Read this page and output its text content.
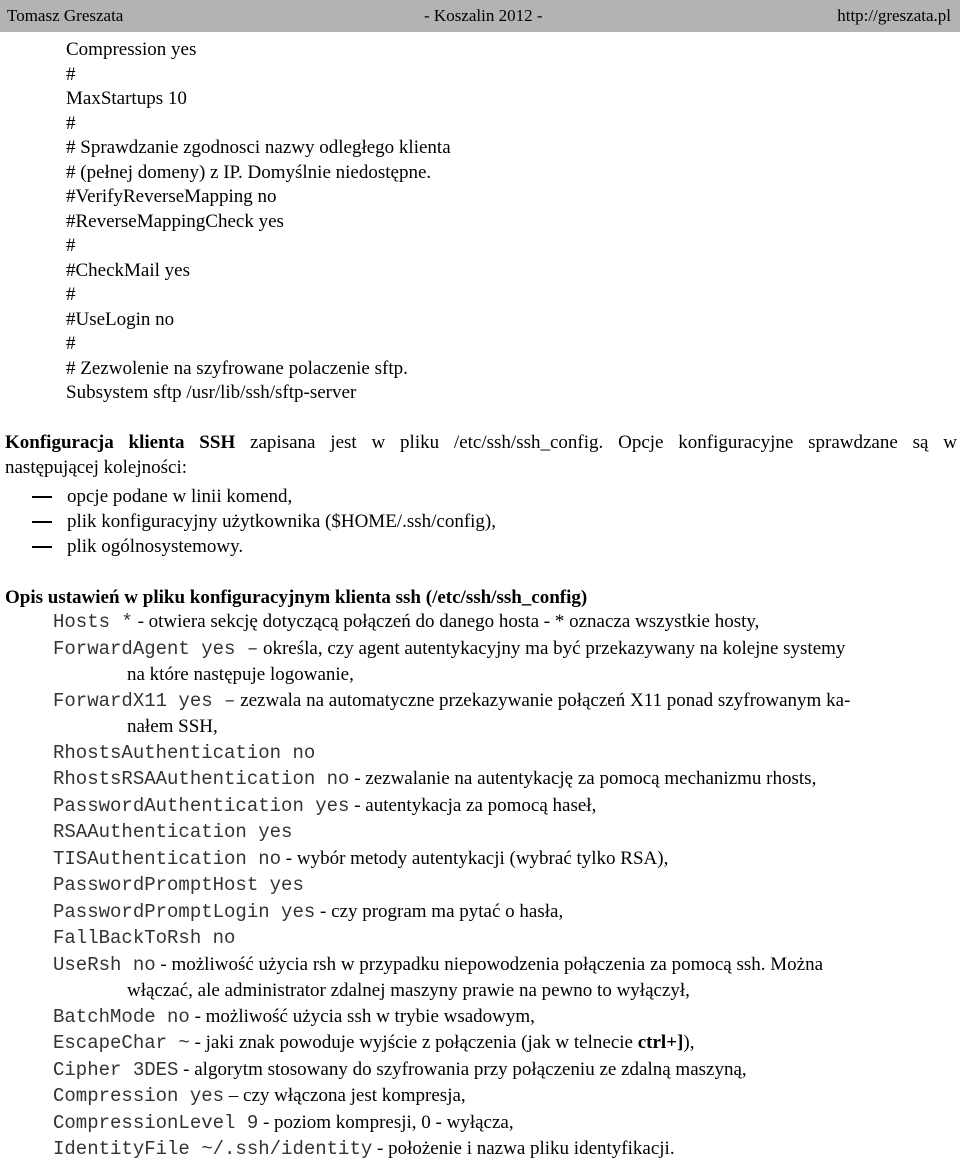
Tomasz Greszata	- Koszalin 2012 -	http://greszata.pl
Compression yes
#
MaxStartups 10
#
# Sprawdzanie zgodnosci nazwy odległego klienta
# (pełnej domeny) z IP. Domyślnie niedostępne.
#VerifyReverseMapping no
#ReverseMappingCheck yes
#
#CheckMail yes
#
#UseLogin no
#
# Zezwolenie na szyfrowane polaczenie sftp.
Subsystem sftp /usr/lib/ssh/sftp-server
Konfiguracja klienta SSH zapisana jest w pliku /etc/ssh/ssh_config. Opcje konfiguracyjne sprawdzane są w
następującej kolejności:
opcje podane w linii komend,
plik konfiguracyjny użytkownika ($HOME/.ssh/config),
plik ogólnosystemowy.
Opis ustawień w pliku konfiguracyjnym klienta ssh (/etc/ssh/ssh_config)
Hosts * - otwiera sekcję dotyczącą połączeń do danego hosta - * oznacza wszystkie hosty,
ForwardAgent yes – określa, czy agent autentykacyjny ma być przekazywany na kolejne systemy
na które następuje logowanie,
ForwardX11 yes – zezwala na automatyczne przekazywanie połączeń X11 ponad szyfrowanym ka-
nałem SSH,
RhostsAuthentication no
RhostsRSAAuthentication no - zezwalanie na autentykację za pomocą mechanizmu rhosts,
PasswordAuthentication yes - autentykacja za pomocą haseł,
RSAAuthentication yes
TISAuthentication no - wybór metody autentykacji (wybrać tylko RSA),
PasswordPromptHost yes
PasswordPromptLogin yes - czy program ma pytać o hasła,
FallBackToRsh no
UseRsh no - możliwość użycia rsh w przypadku niepowodzenia połączenia za pomocą ssh. Można
włączać, ale administrator zdalnej maszyny prawie na pewno to wyłączył,
BatchMode no - możliwość użycia ssh w trybie wsadowym,
EscapeChar ~ - jaki znak powoduje wyjście z połączenia (jak w telnecie ctrl+]),
Cipher 3DES - algorytm stosowany do szyfrowania przy połączeniu ze zdalną maszyną,
Compression yes – czy włączona jest kompresja,
CompressionLevel 9 - poziom kompresji, 0 - wyłącza,
IdentityFile ~/.ssh/identity - położenie i nazwa pliku identyfikacji.
